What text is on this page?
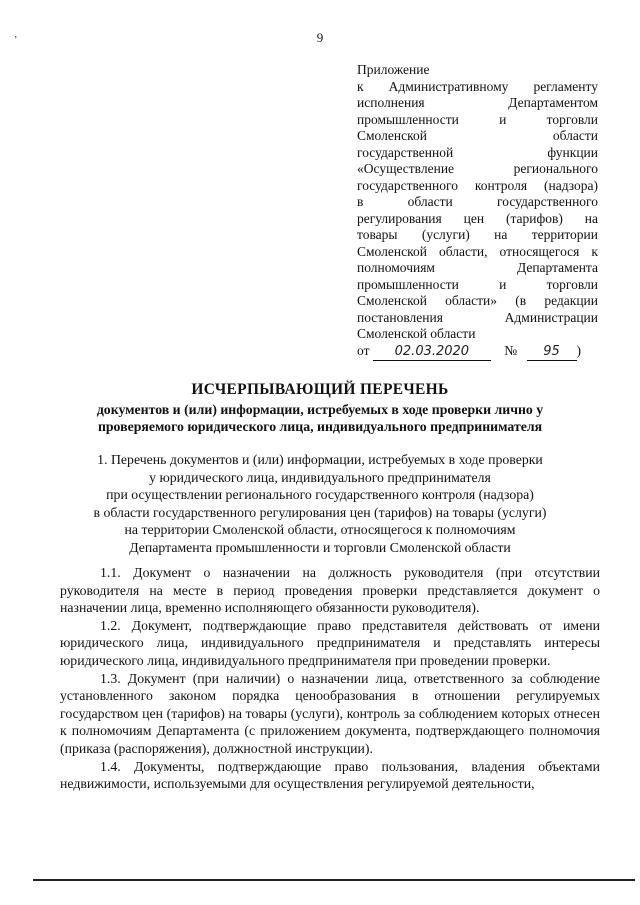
’	9
Приложение
к Административному регламенту
исполнения Департаментом
промышленности и торговли
Смоленской области
государственной функции
«Осуществление регионального
государственного контроля (надзора)
в области государственного
регулирования цен (тарифов) на
товары (услуги) на территории
Смоленской области, относящегося к
полномочиям Департамента
промышленности и торговли
Смоленской области» (в редакции
постановления Администрации
Смоленской области
от 02.03.2020	№ 95 )
ИСЧЕРПЫВАЮЩИЙ ПЕРЕЧЕНЬ
документов и (или) информации, истребуемых в ходе проверки лично у проверяемого юридического лица, индивидуального предпринимателя
1. Перечень документов и (или) информации, истребуемых в ходе проверки
у юридического лица, индивидуального предпринимателя
при осуществлении регионального государственного контроля (надзора)
в области государственного регулирования цен (тарифов) на товары (услуги)
на территории Смоленской области, относящегося к полномочиям
Департамента промышленности и торговли Смоленской области

1.1. Документ о назначении на должность руководителя (при отсутствии руководителя на месте в период проведения проверки представляется документ о назначении лица, временно исполняющего обязанности руководителя).

1.2. Документ, подтверждающие право представителя действовать от имени юридического лица, индивидуального предпринимателя и представлять интересы юридического лица, индивидуального предпринимателя при проведении проверки.

1.3. Документ (при наличии) о назначении лица, ответственного за соблюдение установленного законом порядка ценообразования в отношении регулируемых государством цен (тарифов) на товары (услуги), контроль за соблюдением которых отнесен к полномочиям Департамента (с приложением документа, подтверждающего полномочия (приказа (распоряжения), должностной инструкции).

1.4. Документы, подтверждающие право пользования, владения объектами недвижимости, используемыми для осуществления регулируемой деятельности,
